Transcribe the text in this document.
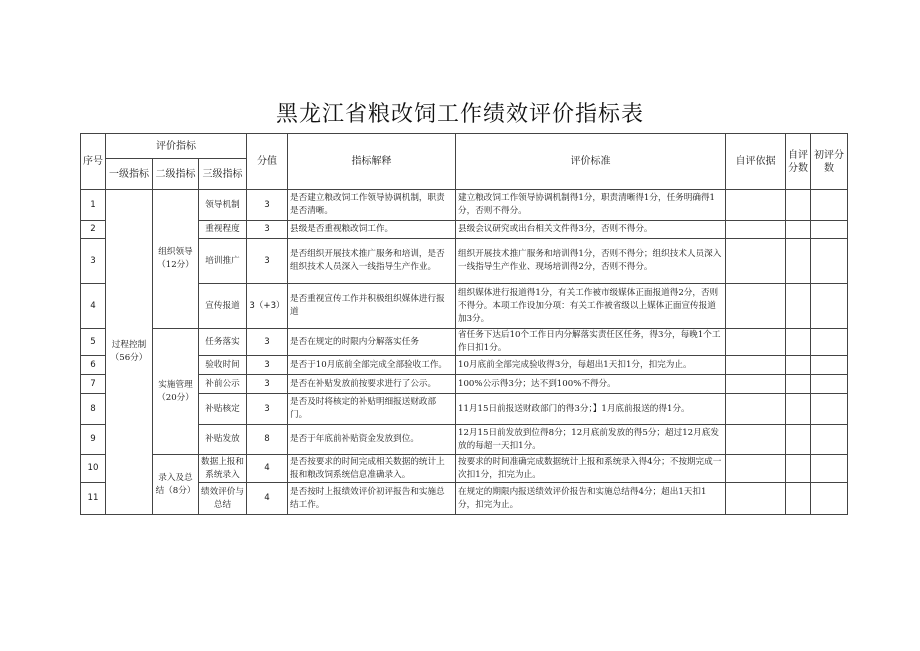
黑龙江省粮改饲工作绩效评价指标表
序号	评价指标			分值	指标解释	评价标准	自评依据	自评分数	初评分数
	一级指标	二级指标	三级指标						
1	过程控制（56分）	组织领导（12分）	领导机制	3	是否建立粮改饲工作领导协调机制，职责是否清晰。	建立粮改饲工作领导协调机制得1分，职责清晰得1分，任务明确得1分，否则不得分。			
2			重视程度	3	县级是否重视粮改饲工作。	县级会议研究或出台相关文件得3分，否则不得分。			
3			培训推广	3	是否组织开展技术推广服务和培训，是否组织技术人员深入一线指导生产作业。	组织开展技术推广服务和培训得1分，否则不得分；组织技术人员深入一线指导生产作业、现场培训得2分，否则不得分。			
4			宣传报道	3（+3）	是否重视宣传工作并积极组织媒体进行报道	组织媒体进行报道得1分，有关工作被市级媒体正面报道得2分，否则不得分。本项工作设加分项：有关工作被省级以上媒体正面宣传报道加3分。			
5		实施管理（20分）	任务落实	3	是否在规定的时限内分解落实任务	省任务下达后10个工作日内分解落实责任区任务，得3分，每晚1个工作日扣1分。			
6			验收时间	3	是否于10月底前全部完成全部验收工作。	10月底前全部完成验收得3分，每超出1天扣1分，扣完为止。			
7			补前公示	3	是否在补贴发放前按要求进行了公示。	100%公示得3分；达不到100%不得分。			
8			补贴核定	3	是否及时将核定的补贴明细报送财政部门。	11月15日前报送财政部门的得3分；】1月底前报送的得1分。			
9			补贴发放	8	是否于年底前补贴资金发放到位。	12月15日前发放到位得8分；12月底前发放的得5分；超过12月底发放的每超一天扣1分。			
10		录入及总结（8分）	数据上报和系统录入	4	是否按要求的时间完成相关数据的统计上报和粮改饲系统信息准确录入。	按要求的时间准确完成数据统计上报和系统录入得4分；不按期完成一次扣1分，扣完为止。			
11			绩效评价与总结	4	是否按时上报绩效评价初评报告和实施总结工作。	在规定的期限内报送绩效评价报告和实施总结得4分；超出1天扣1分，扣完为止。			
